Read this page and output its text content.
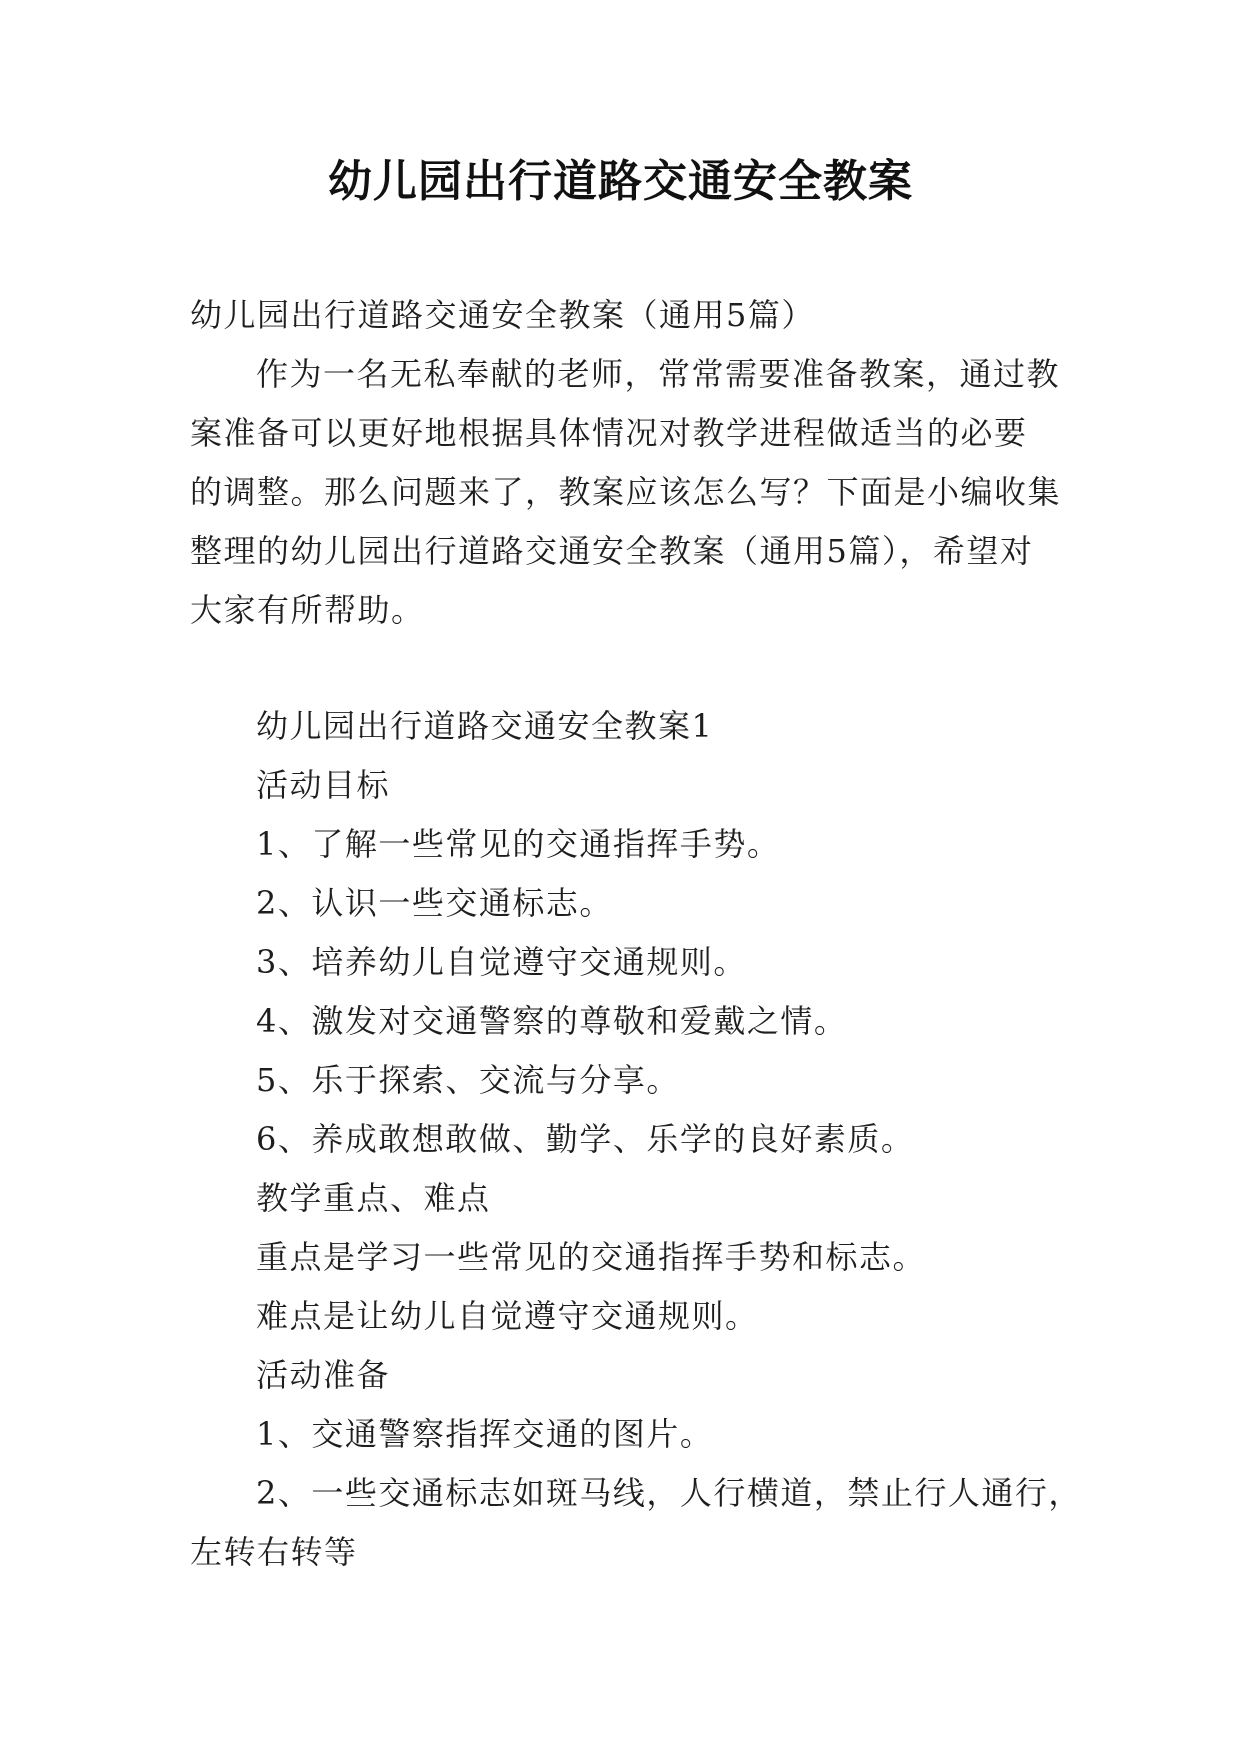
幼儿园出行道路交通安全教案
幼儿园出行道路交通安全教案（通用5篇）
作为一名无私奉献的老师，常常需要准备教案，通过教
案准备可以更好地根据具体情况对教学进程做适当的必要
的调整。那么问题来了，教案应该怎么写？下面是小编收集
整理的幼儿园出行道路交通安全教案（通用5篇），希望对
大家有所帮助。
幼儿园出行道路交通安全教案1
活动目标
1、了解一些常见的交通指挥手势。
2、认识一些交通标志。
3、培养幼儿自觉遵守交通规则。
4、激发对交通警察的尊敬和爱戴之情。
5、乐于探索、交流与分享。
6、养成敢想敢做、勤学、乐学的良好素质。
教学重点、难点
重点是学习一些常见的交通指挥手势和标志。
难点是让幼儿自觉遵守交通规则。
活动准备
1、交通警察指挥交通的图片。
2、一些交通标志如斑马线，人行横道，禁止行人通行，
左转右转等
